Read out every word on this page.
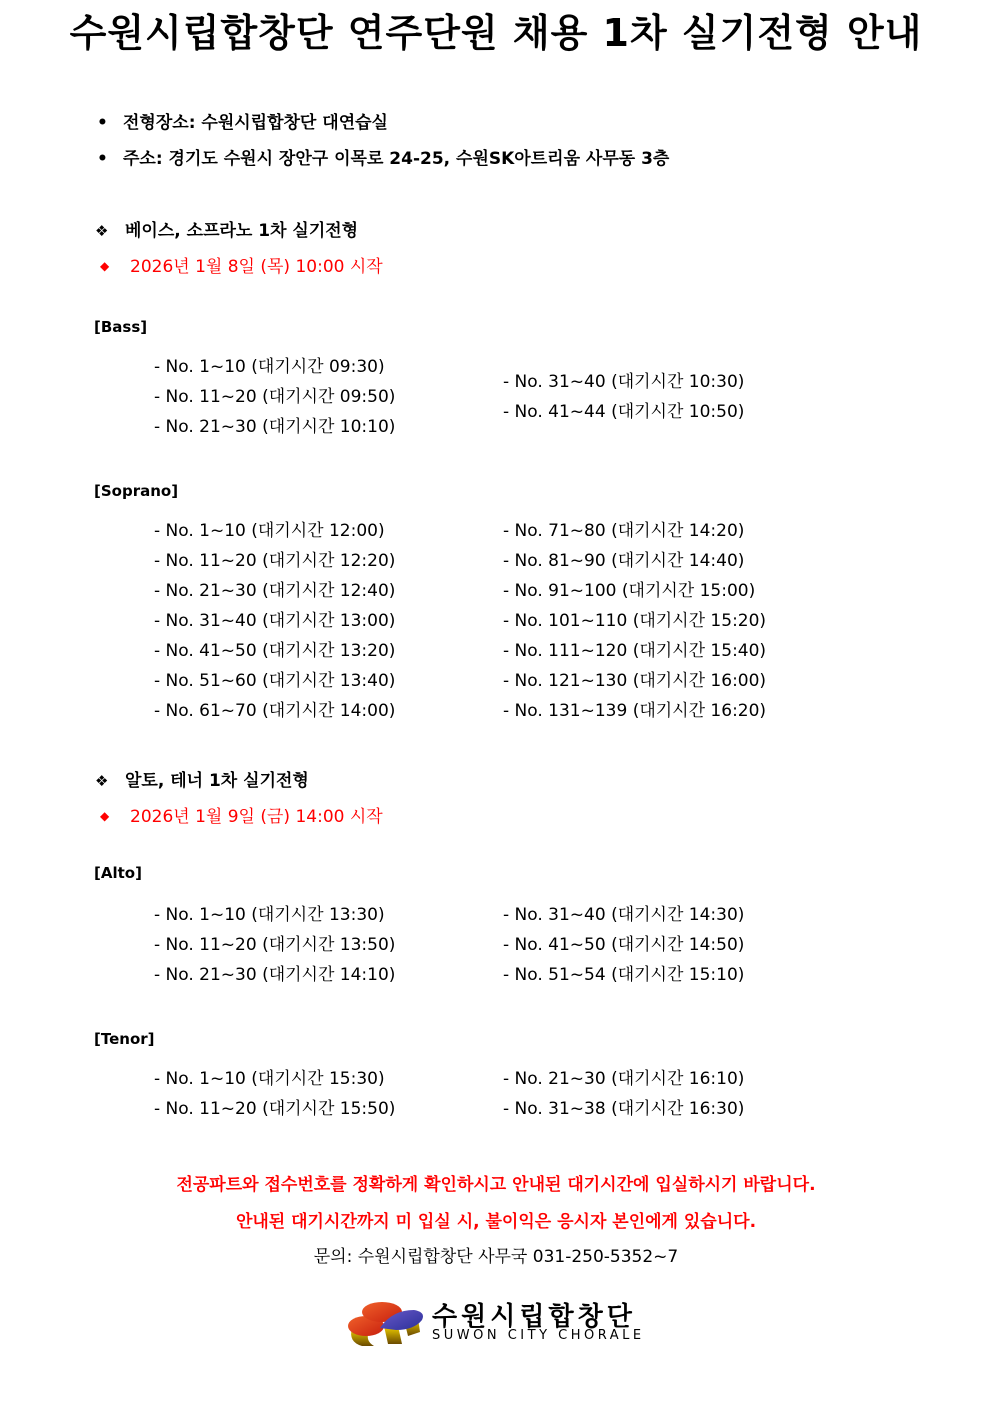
수원시립합창단 연주단원 채용 1차 실기전형 안내
• 전형장소: 수원시립합창단 대연습실
• 주소: 경기도 수원시 장안구 이목로 24-25, 수원SK아트리움 사무동 3층
❖ 베이스, 소프라노 1차 실기전형
◆ 2026년 1월 8일 (목) 10:00 시작
[Bass]
- No. 1~10 (대기시간 09:30)
- No. 11~20 (대기시간 09:50)
- No. 21~30 (대기시간 10:10)
- No. 31~40 (대기시간 10:30)
- No. 41~44 (대기시간 10:50)
[Soprano]
- No. 1~10 (대기시간 12:00)
- No. 11~20 (대기시간 12:20)
- No. 21~30 (대기시간 12:40)
- No. 31~40 (대기시간 13:00)
- No. 41~50 (대기시간 13:20)
- No. 51~60 (대기시간 13:40)
- No. 61~70 (대기시간 14:00)
- No. 71~80 (대기시간 14:20)
- No. 81~90 (대기시간 14:40)
- No. 91~100 (대기시간 15:00)
- No. 101~110 (대기시간 15:20)
- No. 111~120 (대기시간 15:40)
- No. 121~130 (대기시간 16:00)
- No. 131~139 (대기시간 16:20)
❖ 알토, 테너 1차 실기전형
◆ 2026년 1월 9일 (금) 14:00 시작
[Alto]
- No. 1~10 (대기시간 13:30)
- No. 11~20 (대기시간 13:50)
- No. 21~30 (대기시간 14:10)
- No. 31~40 (대기시간 14:30)
- No. 41~50 (대기시간 14:50)
- No. 51~54 (대기시간 15:10)
[Tenor]
- No. 1~10 (대기시간 15:30)
- No. 11~20 (대기시간 15:50)
- No. 21~30 (대기시간 16:10)
- No. 31~38 (대기시간 16:30)
전공파트와 접수번호를 정확하게 확인하시고 안내된 대기시간에 입실하시기 바랍니다.
안내된 대기시간까지 미 입실 시, 불이익은 응시자 본인에게 있습니다.
문의: 수원시립합창단 사무국 031-250-5352~7
수원시립합창단
SUWON CITY CHORALE
